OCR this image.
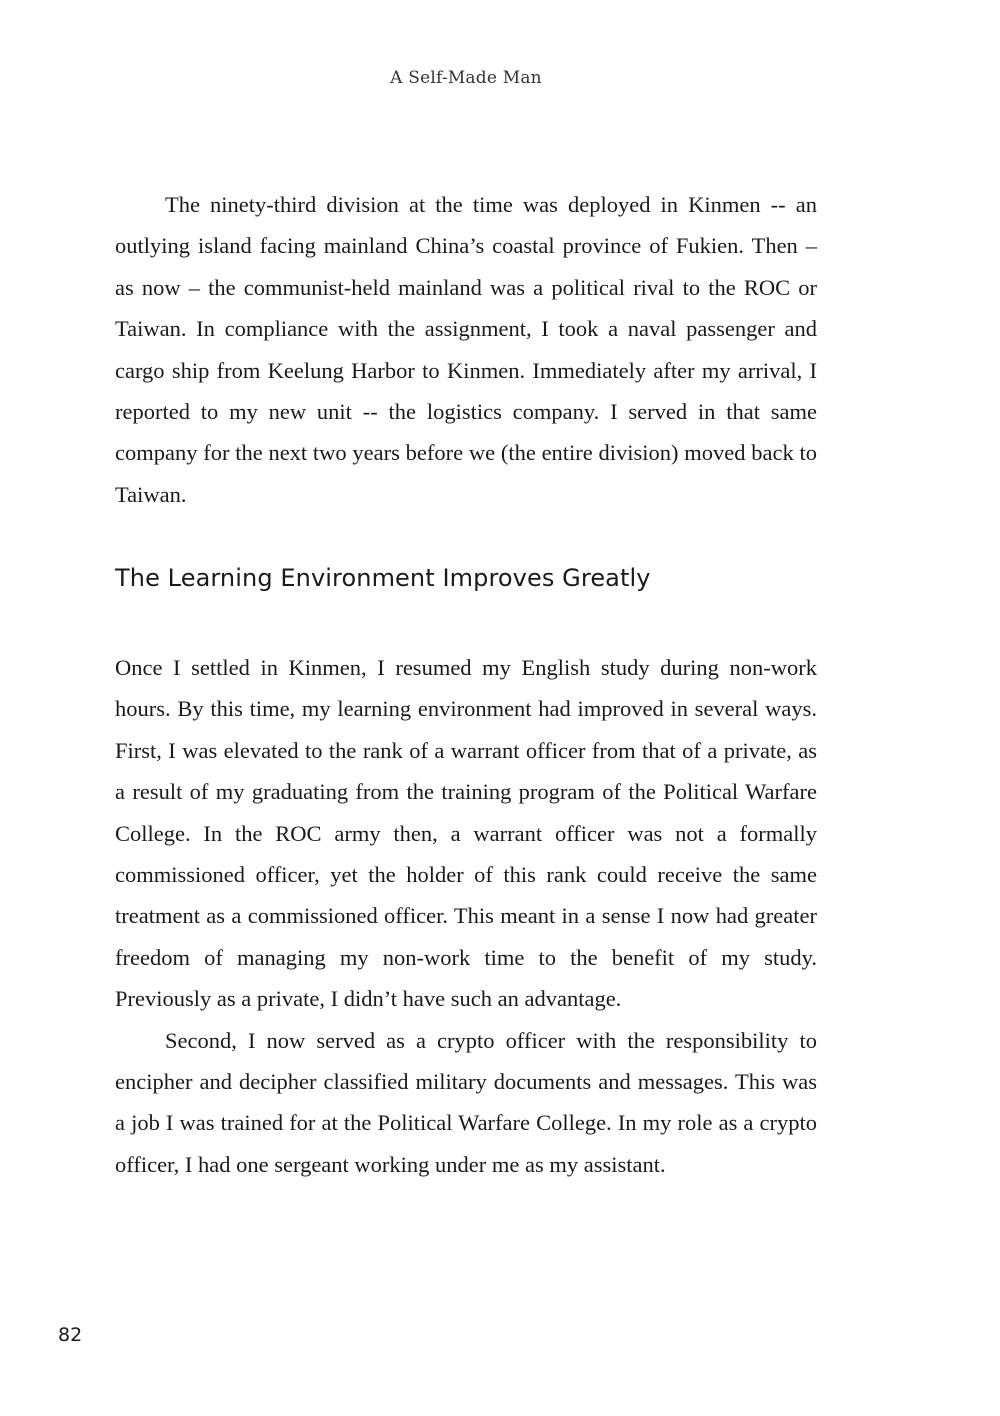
A Self-Made Man

The ninety-third division at the time was deployed in Kinmen -- an outlying island facing mainland China’s coastal province of Fukien. Then – as now – the communist-held mainland was a political rival to the ROC or Taiwan. In compliance with the assignment, I took a naval passenger and cargo ship from Keelung Harbor to Kinmen. Immediately after my arrival, I reported to my new unit -- the logistics company. I served in that same company for the next two years before we (the entire division) moved back to Taiwan.

The Learning Environment Improves Greatly

Once I settled in Kinmen, I resumed my English study during non-work hours. By this time, my learning environment had improved in several ways. First, I was elevated to the rank of a warrant officer from that of a private, as a result of my graduating from the training program of the Political Warfare College. In the ROC army then, a warrant officer was not a formally commissioned officer, yet the holder of this rank could receive the same treatment as a commissioned officer. This meant in a sense I now had greater freedom of managing my non-work time to the benefit of my study. Previously as a private, I didn’t have such an advantage.

Second, I now served as a crypto officer with the responsibility to encipher and decipher classified military documents and messages. This was a job I was trained for at the Political Warfare College. In my role as a crypto officer, I had one sergeant working under me as my assistant.

82
